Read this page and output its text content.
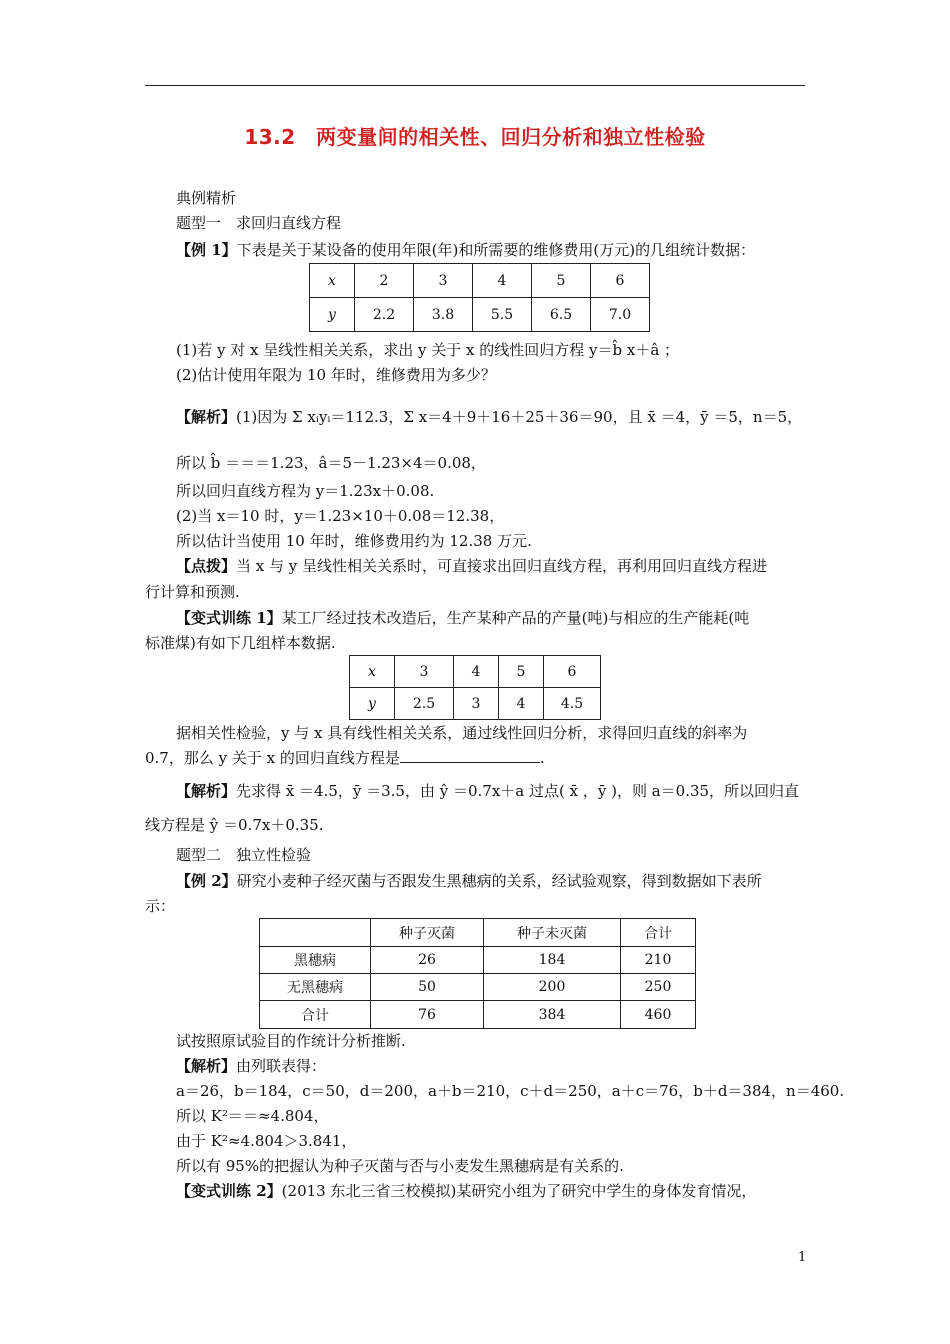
13.2　两变量间的相关性、回归分析和独立性检验
典例精析
题型一　求回归直线方程
【例 1】下表是关于某设备的使用年限(年)和所需要的维修费用(万元)的几组统计数据：
x	2	3	4	5	6
y	2.2	3.8	5.5	6.5	7.0
(1)若 y 对 x 呈线性相关关系，求出 y 关于 x 的线性回归方程 y＝b̂ x＋â ；
(2)估计使用年限为 10 年时，维修费用为多少？
【解析】(1)因为 Σ xᵢyᵢ＝112.3，Σ x＝4＋9＋16＋25＋36＝90，且 x̄ ＝4，ȳ ＝5，n＝5，
所以 b̂ ＝＝＝1.23，â＝5－1.23×4＝0.08，
所以回归直线方程为 y＝1.23x＋0.08.
(2)当 x＝10 时，y＝1.23×10＋0.08＝12.38，
所以估计当使用 10 年时，维修费用约为 12.38 万元.
【点拨】当 x 与 y 呈线性相关关系时，可直接求出回归直线方程，再利用回归直线方程进
行计算和预测.
【变式训练 1】某工厂经过技术改造后，生产某种产品的产量(吨)与相应的生产能耗(吨
标准煤)有如下几组样本数据.
x	3	4	5	6
y	2.5	3	4	4.5
据相关性检验，y 与 x 具有线性相关关系，通过线性回归分析，求得回归直线的斜率为
0.7，那么 y 关于 x 的回归直线方程是	.
【解析】先求得 x̄ ＝4.5，ȳ ＝3.5，由 ŷ ＝0.7x＋a 过点( x̄ ，ȳ )，则 a＝0.35，所以回归直
线方程是 ŷ ＝0.7x＋0.35.
题型二　独立性检验
【例 2】研究小麦种子经灭菌与否跟发生黑穗病的关系，经试验观察，得到数据如下表所
示：
	种子灭菌	种子未灭菌	合计
黑穗病	26	184	210
无黑穗病	50	200	250
合计	76	384	460
试按照原试验目的作统计分析推断.
【解析】由列联表得：
a＝26，b＝184，c＝50，d＝200，a＋b＝210，c＋d＝250，a＋c＝76，b＋d＝384，n＝460.
所以 K²＝＝≈4.804，
由于 K²≈4.804＞3.841，
所以有 95%的把握认为种子灭菌与否与小麦发生黑穗病是有关系的.
【变式训练 2】(2013 东北三省三校模拟)某研究小组为了研究中学生的身体发育情况，
1
